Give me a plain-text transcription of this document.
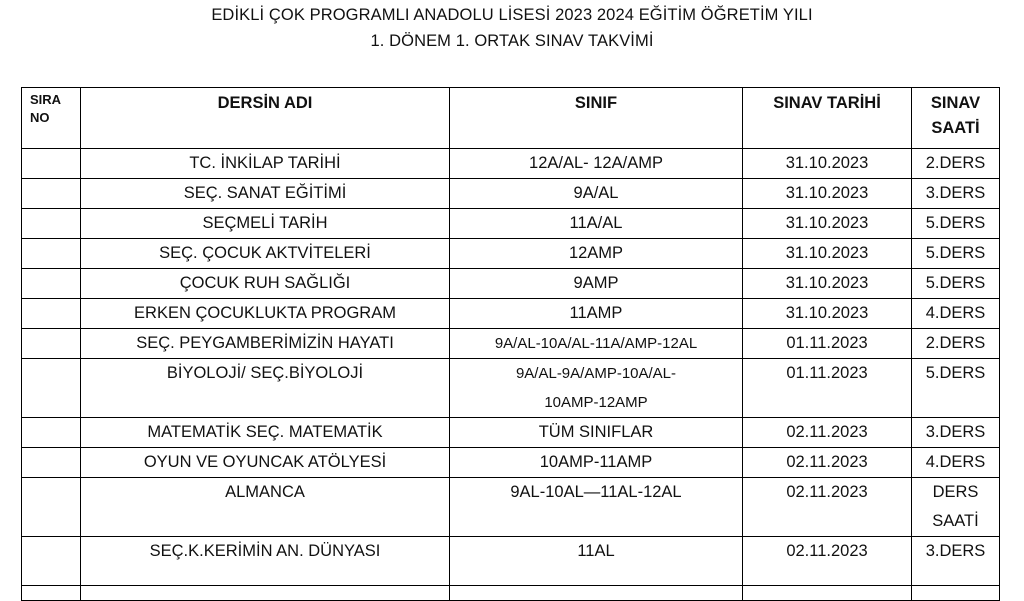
EDİKLİ ÇOK PROGRAMLI ANADOLU LİSESİ 2023 2024 EĞİTİM ÖĞRETİM YILI
1. DÖNEM 1. ORTAK SINAV TAKVİMİ
SIRA
NO	DERSİN ADI	SINIF	SINAV TARİHİ	SINAV
SAATİ
	TC. İNKİLAP TARİHİ	12A/AL- 12A/AMP	31.10.2023	2.DERS
	SEÇ. SANAT EĞİTİMİ	9A/AL	31.10.2023	3.DERS
	SEÇMELİ TARİH	11A/AL	31.10.2023	5.DERS
	SEÇ. ÇOCUK AKTVİTELERİ	12AMP	31.10.2023	5.DERS
	ÇOCUK RUH SAĞLIĞI	9AMP	31.10.2023	5.DERS
	ERKEN ÇOCUKLUKTA PROGRAM	11AMP	31.10.2023	4.DERS
	SEÇ. PEYGAMBERİMİZİN HAYATI	9A/AL-10A/AL-11A/AMP-12AL	01.11.2023	2.DERS
	BİYOLOJİ/ SEÇ.BİYOLOJİ	9A/AL-9A/AMP-10A/AL-
10AMP-12AMP	01.11.2023	5.DERS
	MATEMATİK SEÇ. MATEMATİK	TÜM SINIFLAR	02.11.2023	3.DERS
	OYUN VE OYUNCAK ATÖLYESİ	10AMP-11AMP	02.11.2023	4.DERS
	ALMANCA	9AL-10AL—11AL-12AL	02.11.2023	DERS
SAATİ
	SEÇ.K.KERİMİN AN. DÜNYASI	11AL	02.11.2023	3.DERS
